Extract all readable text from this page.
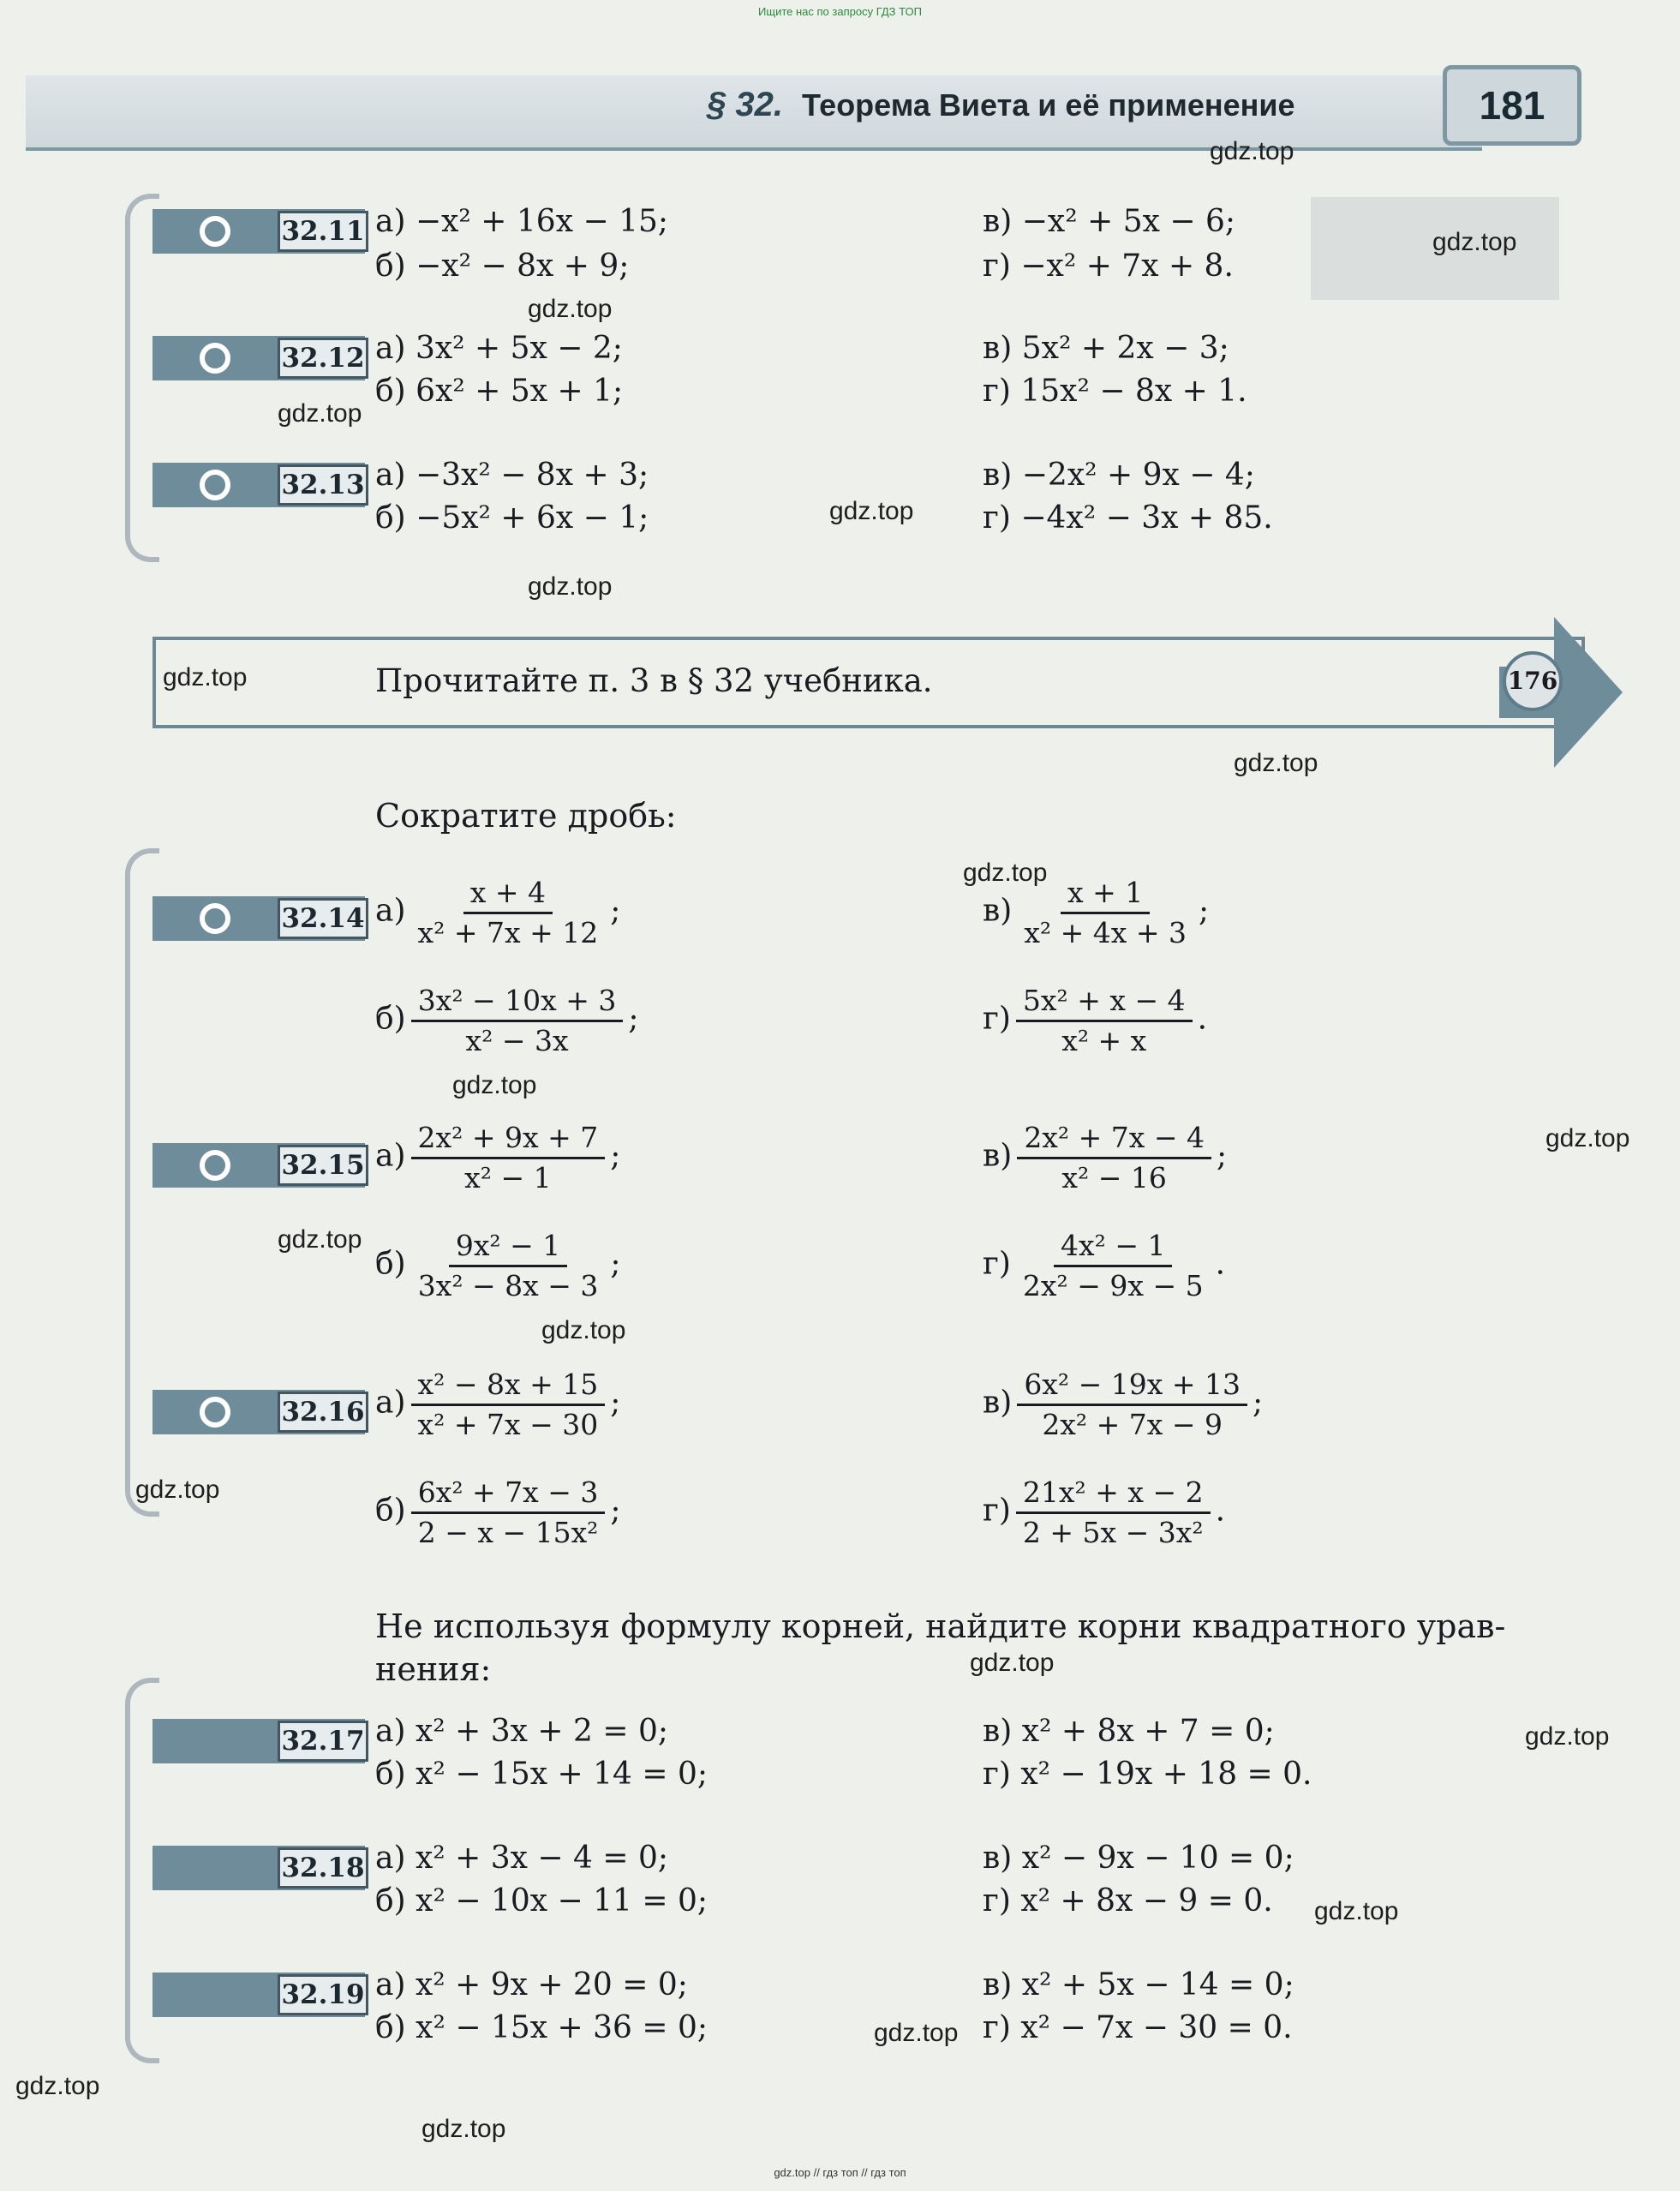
Ищите нас по запросу ГДЗ ТОП
gdz.top // гдз топ // гдз топ
§ 32. Теорема Виета и её применение	181
32.11 а) −x² + 16x − 15;
б) −x² − 8x + 9;
в) −x² + 5x − 6;
г) −x² + 7x + 8.
32.12 а) 3x² + 5x − 2;
б) 6x² + 5x + 1;
в) 5x² + 2x − 3;
г) 15x² − 8x + 1.
32.13 а) −3x² − 8x + 3;
б) −5x² + 6x − 1;
в) −2x² + 9x − 4;
г) −4x² − 3x + 85.
Прочитайте п. 3 в § 32 учебника.	176
Сократите дробь:
32.14 $а) \frac{x + 4}{\text{x² + 7x + 12}}$ ;	$в) \frac{x + 1}{\text{x² + 4x + 3}}$ ;
$б) \frac{\text{3x² − 10x + 3}}{\text{x² − 3x}}$ ;	$г) \frac{\text{5x² + x − 4}}{\text{x² + x}}$ .
32.15 $а) \frac{\text{2x² + 9x + 7}}{\text{x² − 1}}$ ;	$в) \frac{\text{2x² + 7x − 4}}{\text{x² − 16}}$ ;
$б) \frac{\text{9x² − 1}}{\text{3x² − 8x − 3}}$ ;	$г) \frac{\text{4x² − 1}}{\text{2x² − 9x − 5}}$ .
32.16 $а) \frac{\text{x² − 8x + 15}}{\text{x² + 7x − 30}}$ ;	$в) \frac{\text{6x² − 19x + 13}}{\text{2x² + 7x − 9}}$ ;
$б) \frac{\text{6x² + 7x − 3}}{\text{2 − x − 15x²}}$ ;	$г) \frac{\text{21x² + x − 2}}{\text{2 + 5x − 3x²}}$ .
Не используя формулу корней, найдите корни квадратного урав-
нения:
32.17 а) x² + 3x + 2 = 0;
б) x² − 15x + 14 = 0;
в) x² + 8x + 7 = 0;
г) x² − 19x + 18 = 0.
32.18 а) x² + 3x − 4 = 0;
б) x² − 10x − 11 = 0;
в) x² − 9x − 10 = 0;
г) x² + 8x − 9 = 0.
32.19 а) x² + 9x + 20 = 0;
б) x² − 15x + 36 = 0;
в) x² + 5x − 14 = 0;
г) x² − 7x − 30 = 0.
gdz.top
gdz.top
gdz.top
gdz.top
gdz.top
gdz.top
gdz.top
gdz.top
gdz.top
gdz.top
gdz.top
gdz.top
gdz.top
gdz.top
gdz.top
gdz.top
gdz.top
gdz.top
gdz.top
gdz.top
